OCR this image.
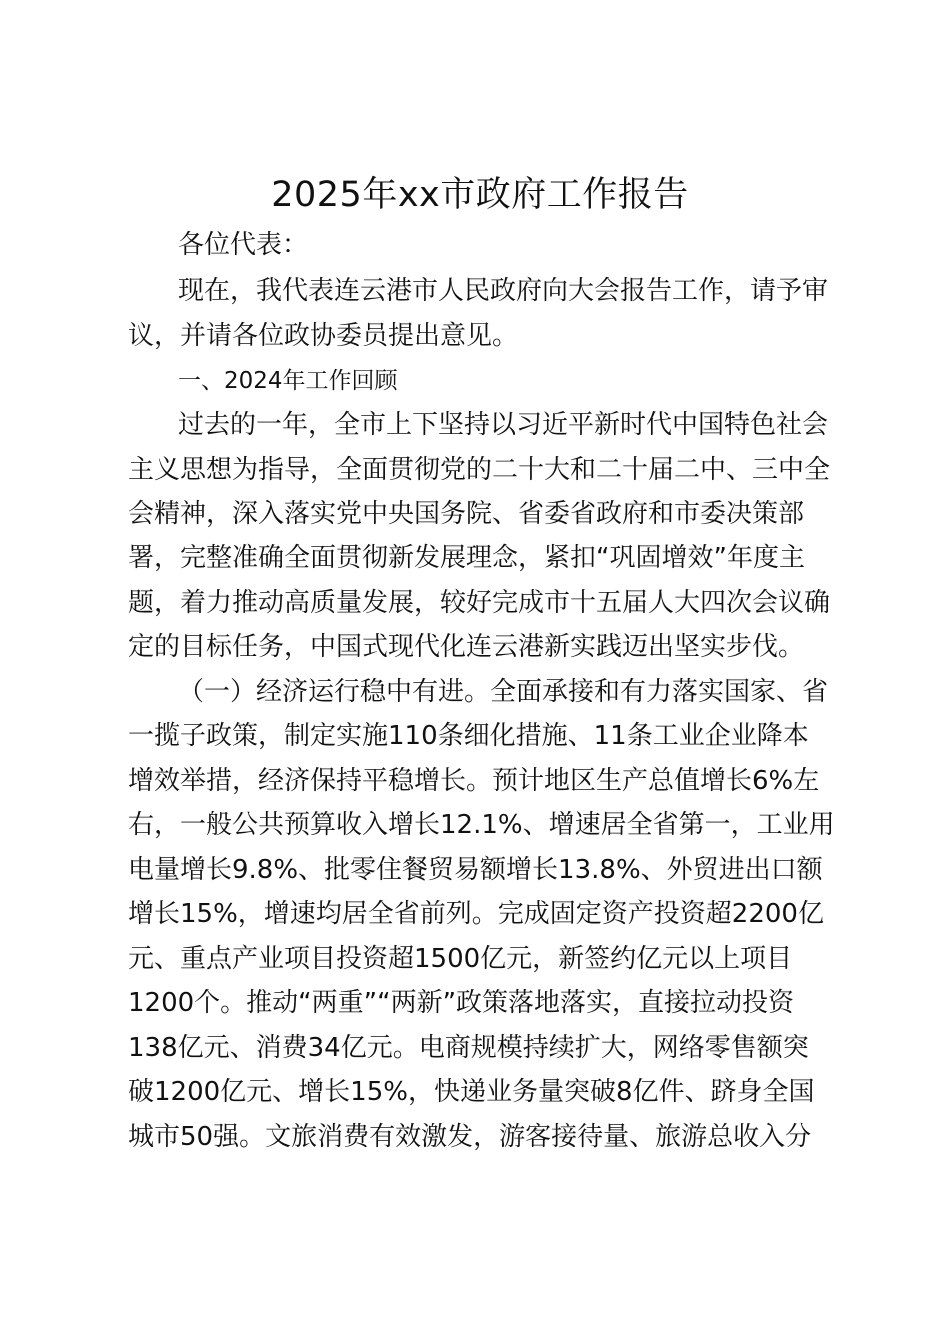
2025年xx市政府工作报告
各位代表：
现在，我代表连云港市人民政府向大会报告工作，请予审
议，并请各位政协委员提出意见。
一、2024年工作回顾
过去的一年，全市上下坚持以习近平新时代中国特色社会
主义思想为指导，全面贯彻党的二十大和二十届二中、三中全
会精神，深入落实党中央国务院、省委省政府和市委决策部
署，完整准确全面贯彻新发展理念，紧扣“巩固增效”年度主
题，着力推动高质量发展，较好完成市十五届人大四次会议确
定的目标任务，中国式现代化连云港新实践迈出坚实步伐。
（一）经济运行稳中有进。全面承接和有力落实国家、省
一揽子政策，制定实施110条细化措施、11条工业企业降本
增效举措，经济保持平稳增长。预计地区生产总值增长6%左
右，一般公共预算收入增长12.1%、增速居全省第一，工业用
电量增长9.8%、批零住餐贸易额增长13.8%、外贸进出口额
增长15%，增速均居全省前列。完成固定资产投资超2200亿
元、重点产业项目投资超1500亿元，新签约亿元以上项目
1200个。推动“两重”“两新”政策落地落实，直接拉动投资
138亿元、消费34亿元。电商规模持续扩大，网络零售额突
破1200亿元、增长15%，快递业务量突破8亿件、跻身全国
城市50强。文旅消费有效激发，游客接待量、旅游总收入分
